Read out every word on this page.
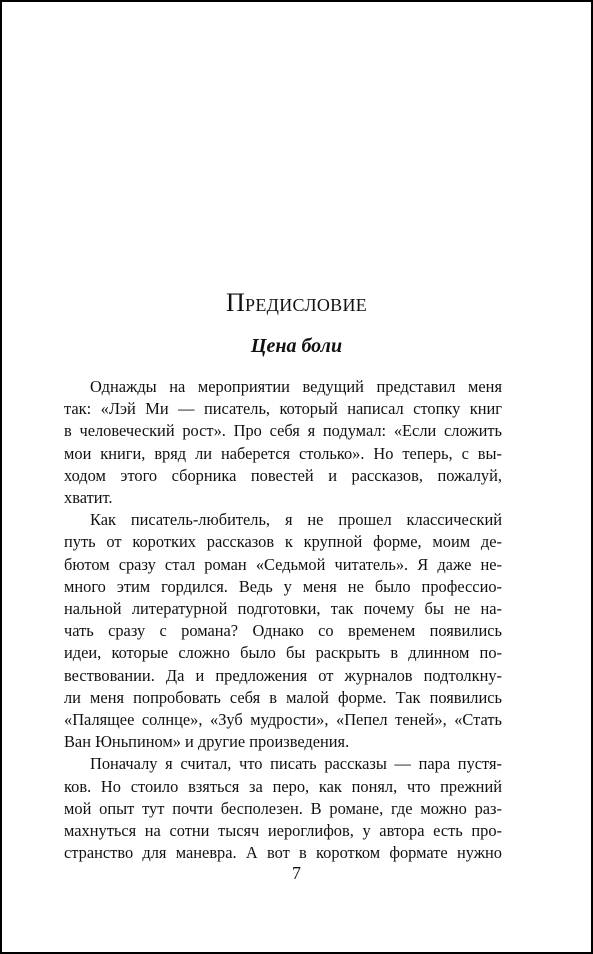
Предисловие
Цена боли

Однажды на мероприятии ведущий представил меня
так: «Лэй Ми — писатель, который написал стопку книг
в человеческий рост». Про себя я подумал: «Если сложить
мои книги, вряд ли наберется столько». Но теперь, с вы-
ходом этого сборника повестей и рассказов, пожалуй,
хватит.

Как писатель-любитель, я не прошел классический
путь от коротких рассказов к крупной форме, моим де-
бютом сразу стал роман «Седьмой читатель». Я даже не-
много этим гордился. Ведь у меня не было профессио-
нальной литературной подготовки, так почему бы не на-
чать сразу с романа? Однако со временем появились
идеи, которые сложно было бы раскрыть в длинном по-
вествовании. Да и предложения от журналов подтолкну-
ли меня попробовать себя в малой форме. Так появились
«Палящее солнце», «Зуб мудрости», «Пепел теней», «Стать
Ван Юньпином» и другие произведения.

Поначалу я считал, что писать рассказы — пара пустя-
ков. Но стоило взяться за перо, как понял, что прежний
мой опыт тут почти бесполезен. В романе, где можно раз-
махнуться на сотни тысяч иероглифов, у автора есть про-
странство для маневра. А вот в коротком формате нужно

7
